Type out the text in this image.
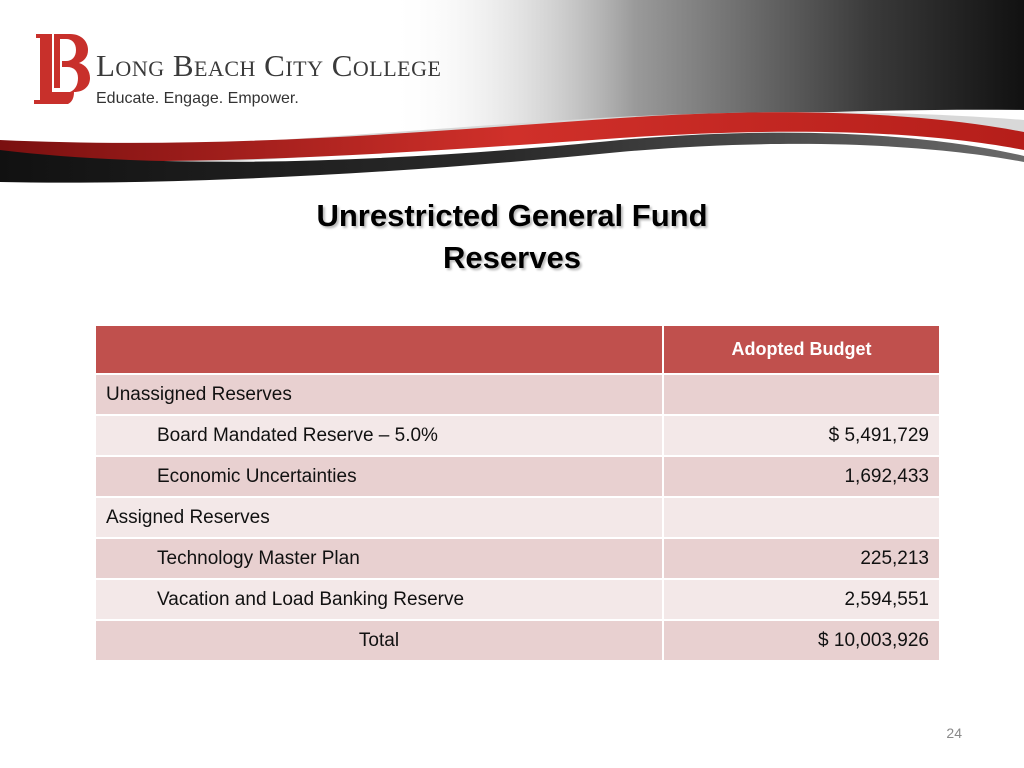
Long Beach City College
Educate. Engage. Empower.
Unrestricted General Fund
Reserves
	Adopted Budget
Unassigned Reserves	
Board Mandated Reserve – 5.0%	$ 5,491,729
Economic Uncertainties	1,692,433
Assigned Reserves	
Technology Master Plan	225,213
Vacation and Load Banking Reserve	2,594,551
Total	$ 10,003,926
24
